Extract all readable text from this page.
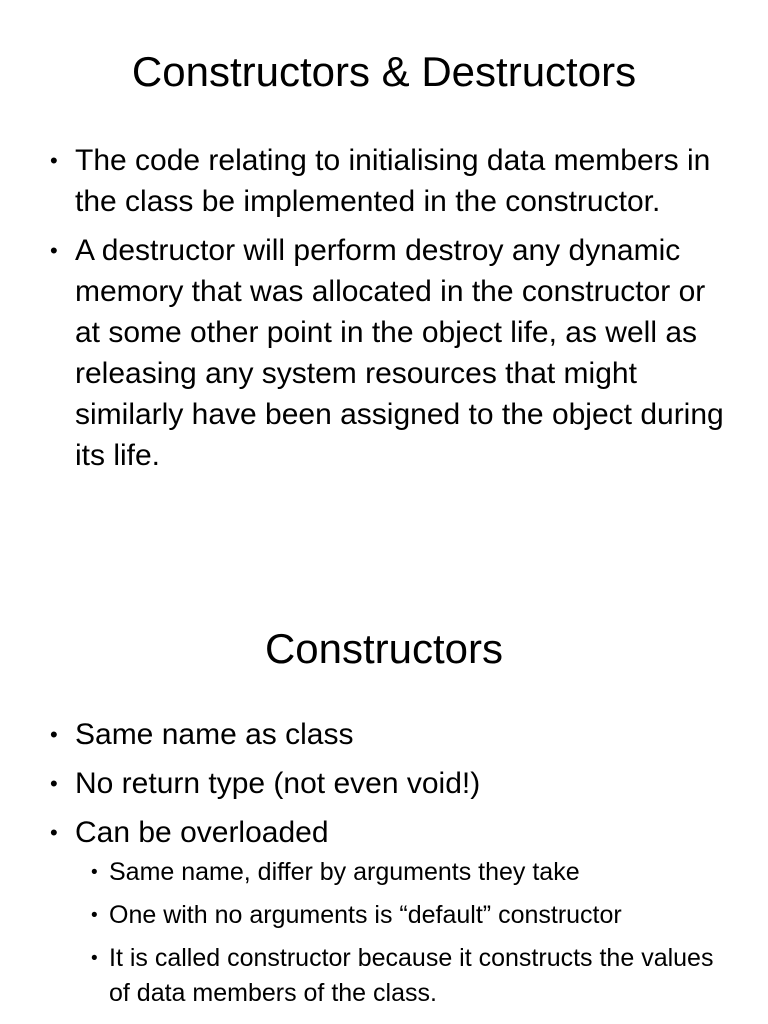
Constructors & Destructors
• The code relating to initialising data members in the class be implemented in the constructor.
• A destructor will perform destroy any dynamic memory that was allocated in the constructor or at some other point in the object life, as well as releasing any system resources that might similarly have been assigned to the object during its life.
Constructors
• Same name as class
• No return type (not even void!)
• Can be overloaded
• Same name, differ by arguments they take
• One with no arguments is “default” constructor
• It is called constructor because it constructs the values of data members of the class.
